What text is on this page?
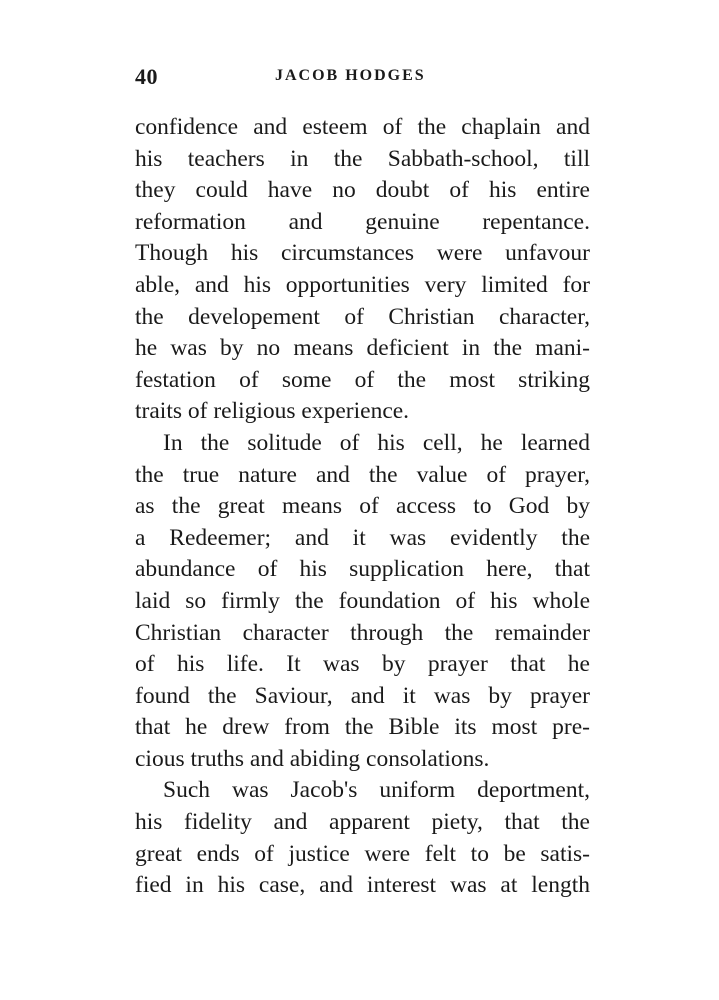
40	JACOB HODGES
confidence and esteem of the chaplain and
his teachers in the Sabbath-school, till
they could have no doubt of his entire
reformation and genuine repentance.
Though his circumstances were unfavour
able, and his opportunities very limited for
the developement of Christian character,
he was by no means deficient in the mani-
festation of some of the most striking
traits of religious experience.
In the solitude of his cell, he learned
the true nature and the value of prayer,
as the great means of access to God by
a Redeemer; and it was evidently the
abundance of his supplication here, that
laid so firmly the foundation of his whole
Christian character through the remainder
of his life. It was by prayer that he
found the Saviour, and it was by prayer
that he drew from the Bible its most pre-
cious truths and abiding consolations.
Such was Jacob's uniform deportment,
his fidelity and apparent piety, that the
great ends of justice were felt to be satis-
fied in his case, and interest was at length
